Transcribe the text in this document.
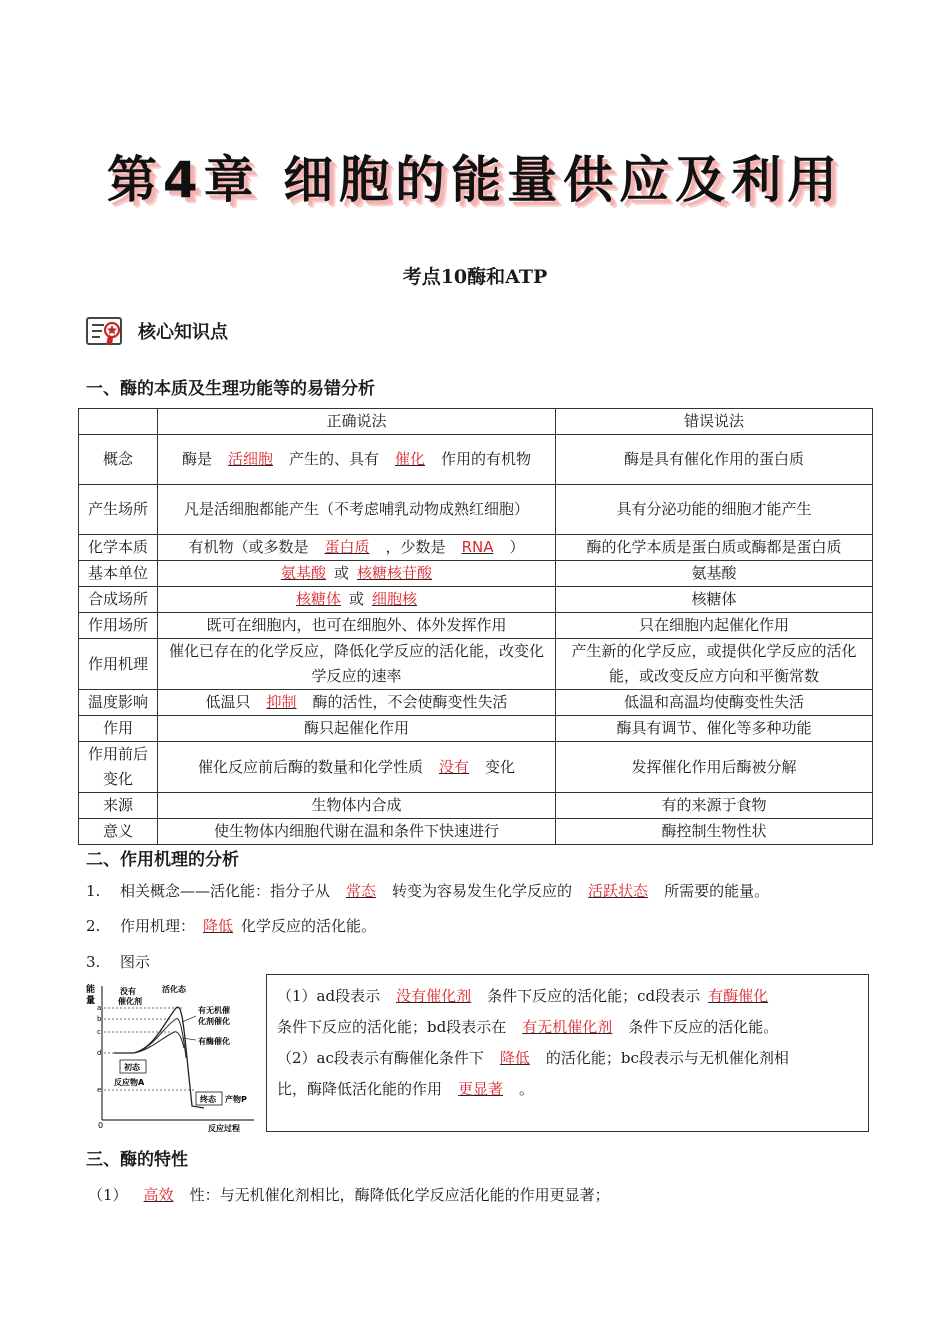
第4章 细胞的能量供应及利用
考点10酶和ATP
核心知识点
一、酶的本质及生理功能等的易错分析
	正确说法	错误说法
概念	酶是 活细胞 产生的、具有 催化 作用的有机物	酶是具有催化作用的蛋白质
产生场所	凡是活细胞都能产生（不考虑哺乳动物成熟红细胞）	具有分泌功能的细胞才能产生
化学本质	有机物（或多数是 蛋白质 ，少数是 RNA ）	酶的化学本质是蛋白质或酶都是蛋白质
基本单位	氨基酸 或 核糖核苷酸	氨基酸
合成场所	核糖体 或 细胞核	核糖体
作用场所	既可在细胞内，也可在细胞外、体外发挥作用	只在细胞内起催化作用
作用机理	催化已存在的化学反应，降低化学反应的活化能，改变化学反应的速率	产生新的化学反应，或提供化学反应的活化能，或改变反应方向和平衡常数
温度影响	低温只 抑制 酶的活性，不会使酶变性失活	低温和高温均使酶变性失活
作用	酶只起催化作用	酶具有调节、催化等多种功能
作用前后变化	催化反应前后酶的数量和化学性质 没有 变化	发挥催化作用后酶被分解
来源	生物体内合成	有的来源于食物
意义	使生物体内细胞代谢在温和条件下快速进行	酶控制生物性状
二、作用机理的分析
1. 相关概念——活化能：指分子从 常态 转变为容易发生化学反应的 活跃状态 所需要的能量。
2. 作用机理： 降低 化学反应的活化能。
3. 图示
能
量
a
b
c
d
e
没有
催化剂
活化态
有无机催
化剂催化
有酶催化
初态
反应物A
终态 产物P
0	反应过程

（1）ad段表示 没有催化剂 条件下反应的活化能；cd段表示 有酶催化

条件下反应的活化能；bd段表示在 有无机催化剂 条件下反应的活化能。

（2）ac段表示有酶催化条件下 降低 的活化能；bc段表示与无机催化剂相

比，酶降低活化能的作用 更显著 。

三、酶的特性
（1） 高效 性：与无机催化剂相比，酶降低化学反应活化能的作用更显著；
